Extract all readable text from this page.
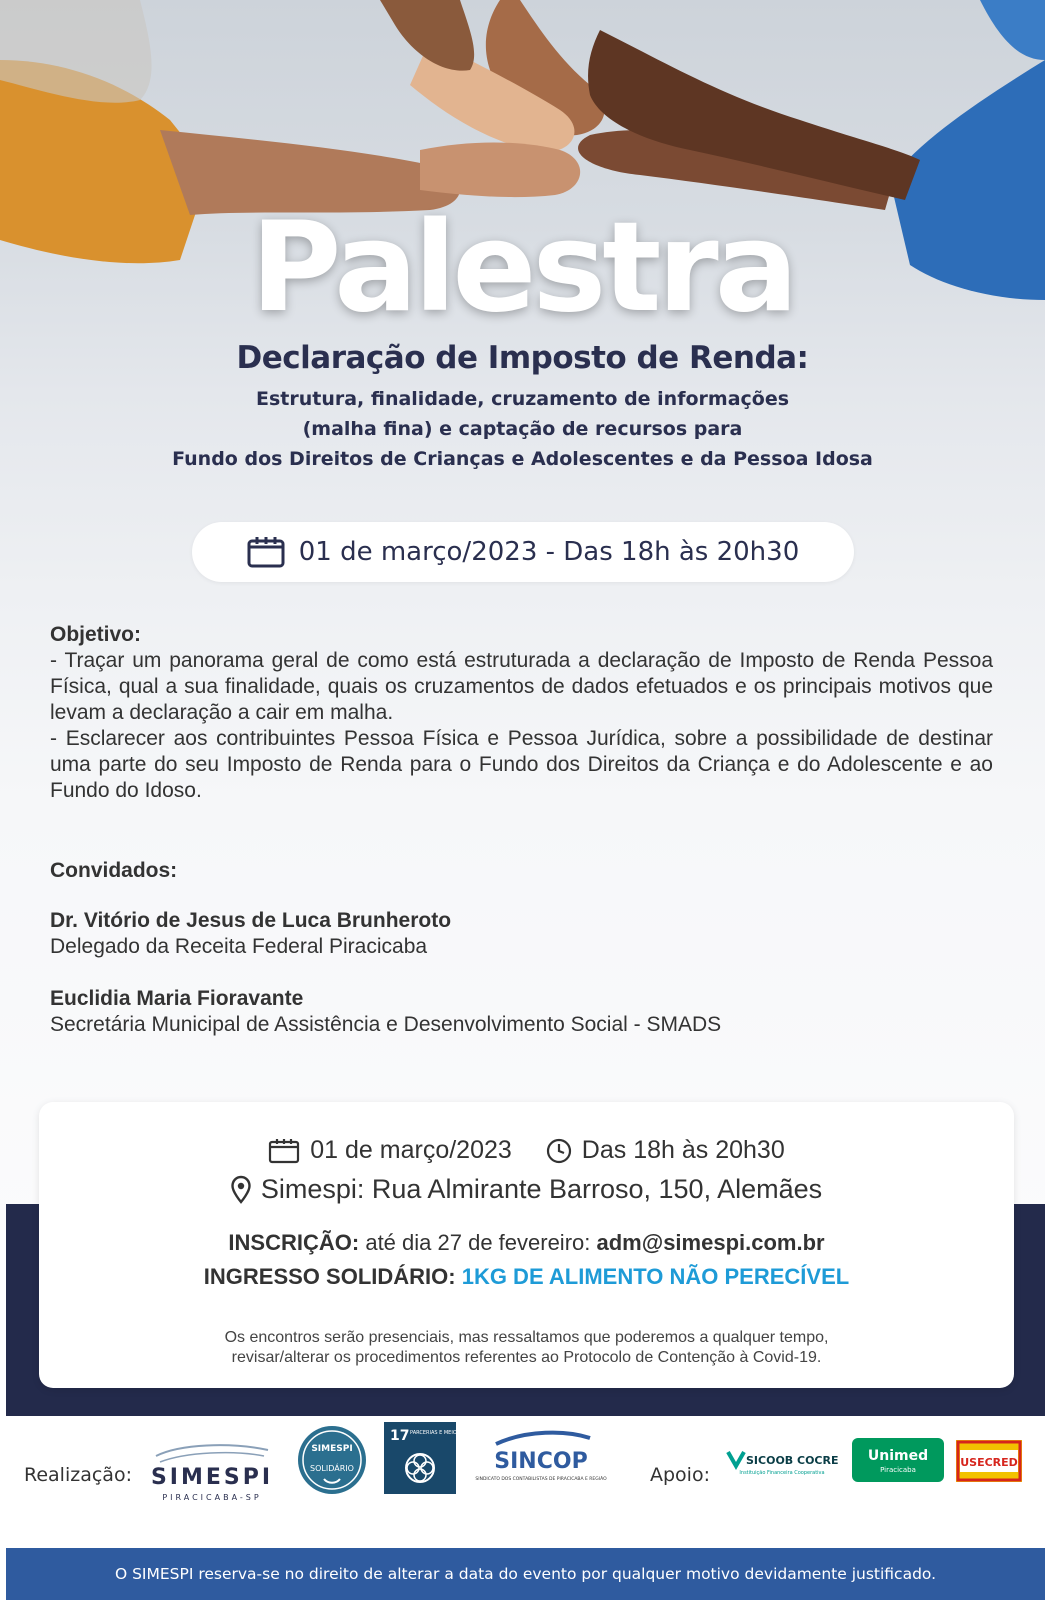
Palestra
Declaração de Imposto de Renda:
Estrutura, finalidade, cruzamento de informações
(malha fina) e captação de recursos para
Fundo dos Direitos de Crianças e Adolescentes e da Pessoa Idosa
01 de março/2023 - Das 18h às 20h30
Objetivo:
- Traçar um panorama geral de como está estruturada a declaração de Imposto de Renda Pessoa Física, qual a sua finalidade, quais os cruzamentos de dados efetuados e os principais motivos que levam a declaração a cair em malha.
- Esclarecer aos contribuintes Pessoa Física e Pessoa Jurídica, sobre a possibilidade de destinar uma parte do seu Imposto de Renda para o Fundo dos Direitos da Criança e do Adolescente e ao Fundo do Idoso.
Convidados:
Dr. Vitório de Jesus de Luca Brunheroto
Delegado da Receita Federal Piracicaba
Euclidia Maria Fioravante
Secretária Municipal de Assistência e Desenvolvimento Social - SMADS
01 de março/2023	Das 18h às 20h30
Simespi: Rua Almirante Barroso, 150, Alemães
INSCRIÇÃO: até dia 27 de fevereiro: adm@simespi.com.br
INGRESSO SOLIDÁRIO: 1KG DE ALIMENTO NÃO PERECÍVEL
Os encontros serão presenciais, mas ressaltamos que poderemos a qualquer tempo,
revisar/alterar os procedimentos referentes ao Protocolo de Contenção à Covid-19.
Realização: SIMESPI
PIRACICABA-SP
SIMESPI
SOLIDÁRIO
17 PARCERIAS E MEIOS DE IMPLEMENTAÇÃO
SINCOP
SINDICATO DOS CONTABILISTAS DE PIRACICABA E REGIÃO Apoio:
SICOOB COCRE
Instituição Financeira Cooperativa
Unimed
Piracicaba
USECRED
O SIMESPI reserva-se no direito de alterar a data do evento por qualquer motivo devidamente justificado.
